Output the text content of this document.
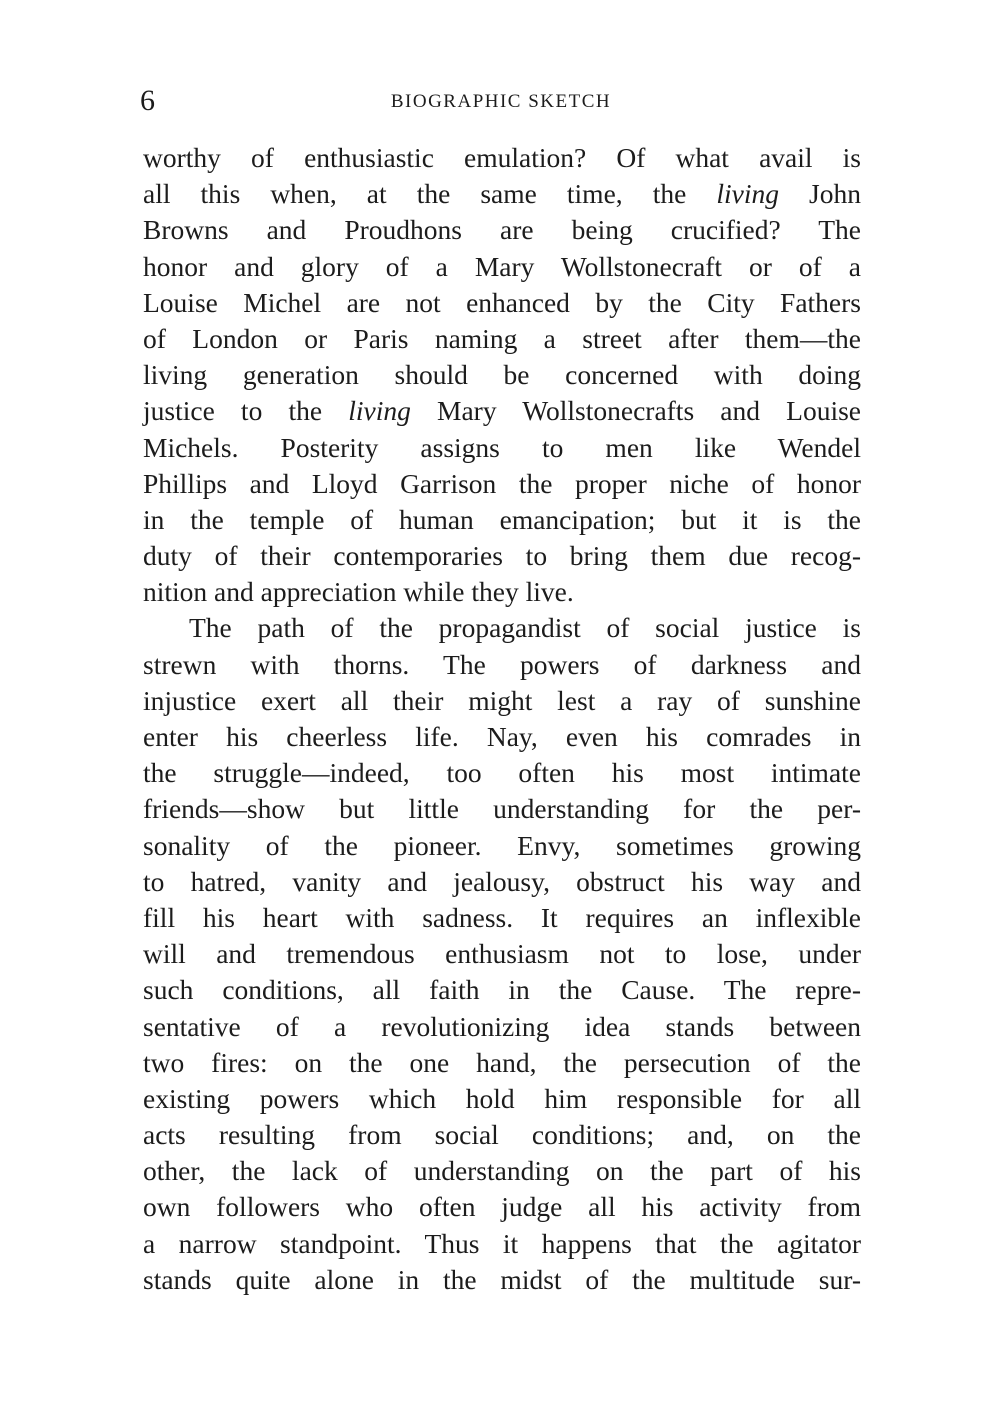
6	BIOGRAPHIC SKETCH
worthy of enthusiastic emulation? Of what avail is
all this when, at the same time, the living John
Browns and Proudhons are being crucified? The
honor and glory of a Mary Wollstonecraft or of a
Louise Michel are not enhanced by the City Fathers
of London or Paris naming a street after them—the
living generation should be concerned with doing
justice to the living Mary Wollstonecrafts and Louise
Michels. Posterity assigns to men like Wendel
Phillips and Lloyd Garrison the proper niche of honor
in the temple of human emancipation; but it is the
duty of their contemporaries to bring them due recog-
nition and appreciation while they live.
The path of the propagandist of social justice is
strewn with thorns. The powers of darkness and
injustice exert all their might lest a ray of sunshine
enter his cheerless life. Nay, even his comrades in
the struggle—indeed, too often his most intimate
friends—show but little understanding for the per-
sonality of the pioneer. Envy, sometimes growing
to hatred, vanity and jealousy, obstruct his way and
fill his heart with sadness. It requires an inflexible
will and tremendous enthusiasm not to lose, under
such conditions, all faith in the Cause. The repre-
sentative of a revolutionizing idea stands between
two fires: on the one hand, the persecution of the
existing powers which hold him responsible for all
acts resulting from social conditions; and, on the
other, the lack of understanding on the part of his
own followers who often judge all his activity from
a narrow standpoint. Thus it happens that the agitator
stands quite alone in the midst of the multitude sur-
